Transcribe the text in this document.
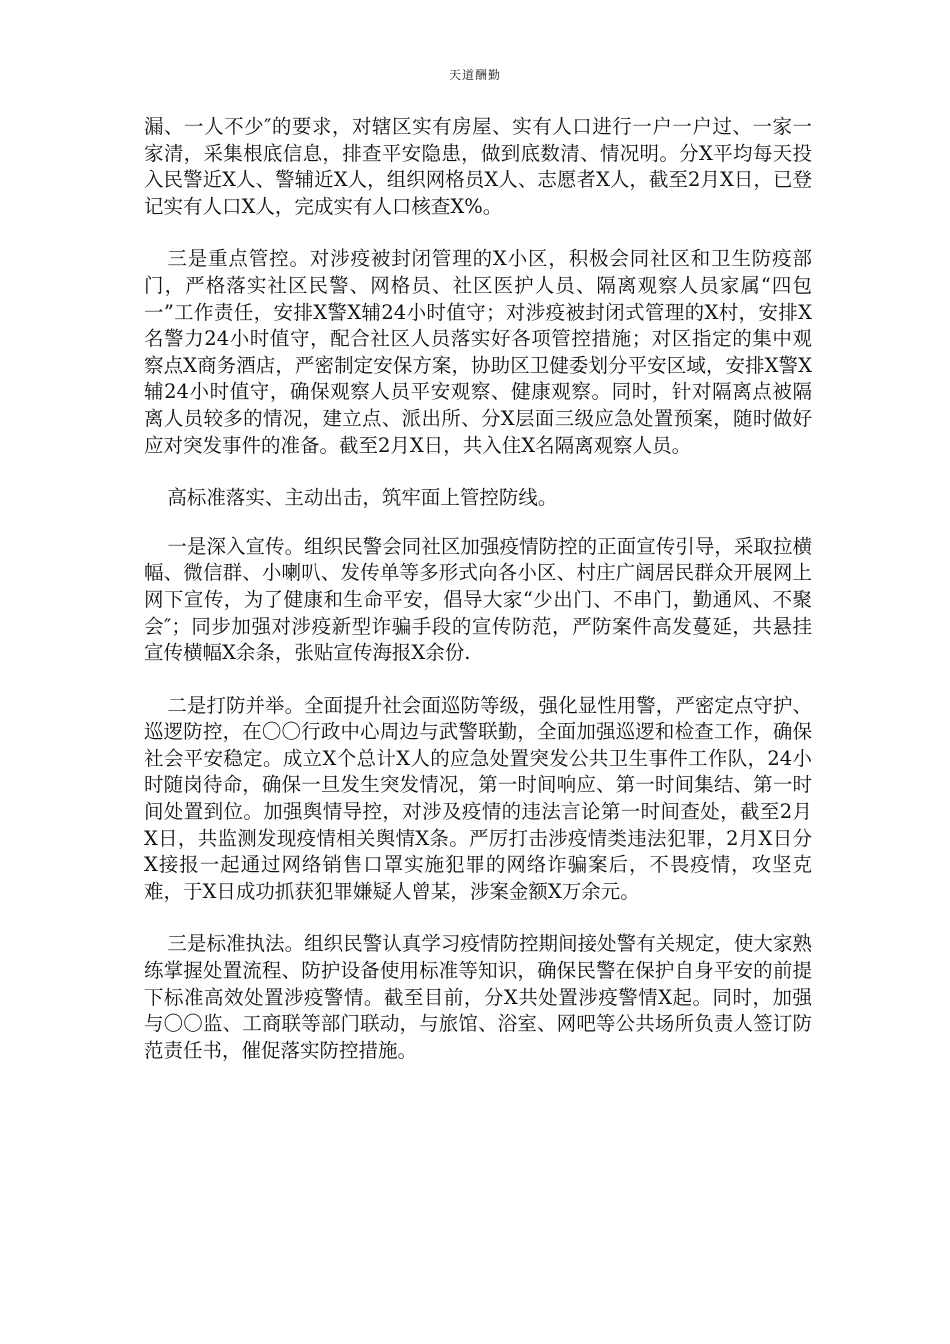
天道酬勤

漏、一人不少″的要求，对辖区实有房屋、实有人口进行一户一户过、一家一家清，采集根底信息，排查平安隐患，做到底数清、情况明。分X平均每天投入民警近X人、警辅近X人，组织网格员X人、志愿者X人，截至2月X日，已登记实有人口X人，完成实有人口核查X%。

三是重点管控。对涉疫被封闭管理的X小区，积极会同社区和卫生防疫部门，严格落实社区民警、网格员、社区医护人员、隔离观察人员家属“四包一”工作责任，安排X警X辅24小时值守；对涉疫被封闭式管理的X村，安排X名警力24小时值守，配合社区人员落实好各项管控措施；对区指定的集中观察点X商务酒店，严密制定安保方案，协助区卫健委划分平安区域，安排X警X辅24小时值守，确保观察人员平安观察、健康观察。同时，针对隔离点被隔离人员较多的情况，建立点、派出所、分X层面三级应急处置预案，随时做好应对突发事件的准备。截至2月X日，共入住X名隔离观察人员。

高标准落实、主动出击，筑牢面上管控防线。

一是深入宣传。组织民警会同社区加强疫情防控的正面宣传引导，采取拉横幅、微信群、小喇叭、发传单等多形式向各小区、村庄广阔居民群众开展网上网下宣传，为了健康和生命平安，倡导大家“少出门、不串门，勤通风、不聚会″；同步加强对涉疫新型诈骗手段的宣传防范，严防案件高发蔓延，共悬挂宣传横幅X余条，张贴宣传海报X余份.

二是打防并举。全面提升社会面巡防等级，强化显性用警，严密定点守护、巡逻防控，在〇〇行政中心周边与武警联勤，全面加强巡逻和检查工作，确保社会平安稳定。成立X个总计X人的应急处置突发公共卫生事件工作队，24小时随岗待命，确保一旦发生突发情况，第一时间响应、第一时间集结、第一时间处置到位。加强舆情导控，对涉及疫情的违法言论第一时间查处，截至2月X日，共监测发现疫情相关舆情X条。严厉打击涉疫情类违法犯罪，2月X日分X接报一起通过网络销售口罩实施犯罪的网络诈骗案后，不畏疫情，攻坚克难，于X日成功抓获犯罪嫌疑人曾某，涉案金额X万余元。

三是标准执法。组织民警认真学习疫情防控期间接处警有关规定，使大家熟练掌握处置流程、防护设备使用标准等知识，确保民警在保护自身平安的前提下标准高效处置涉疫警情。截至目前，分X共处置涉疫警情X起。同时，加强与〇〇监、工商联等部门联动，与旅馆、浴室、网吧等公共场所负责人签订防范责任书，催促落实防控措施。
